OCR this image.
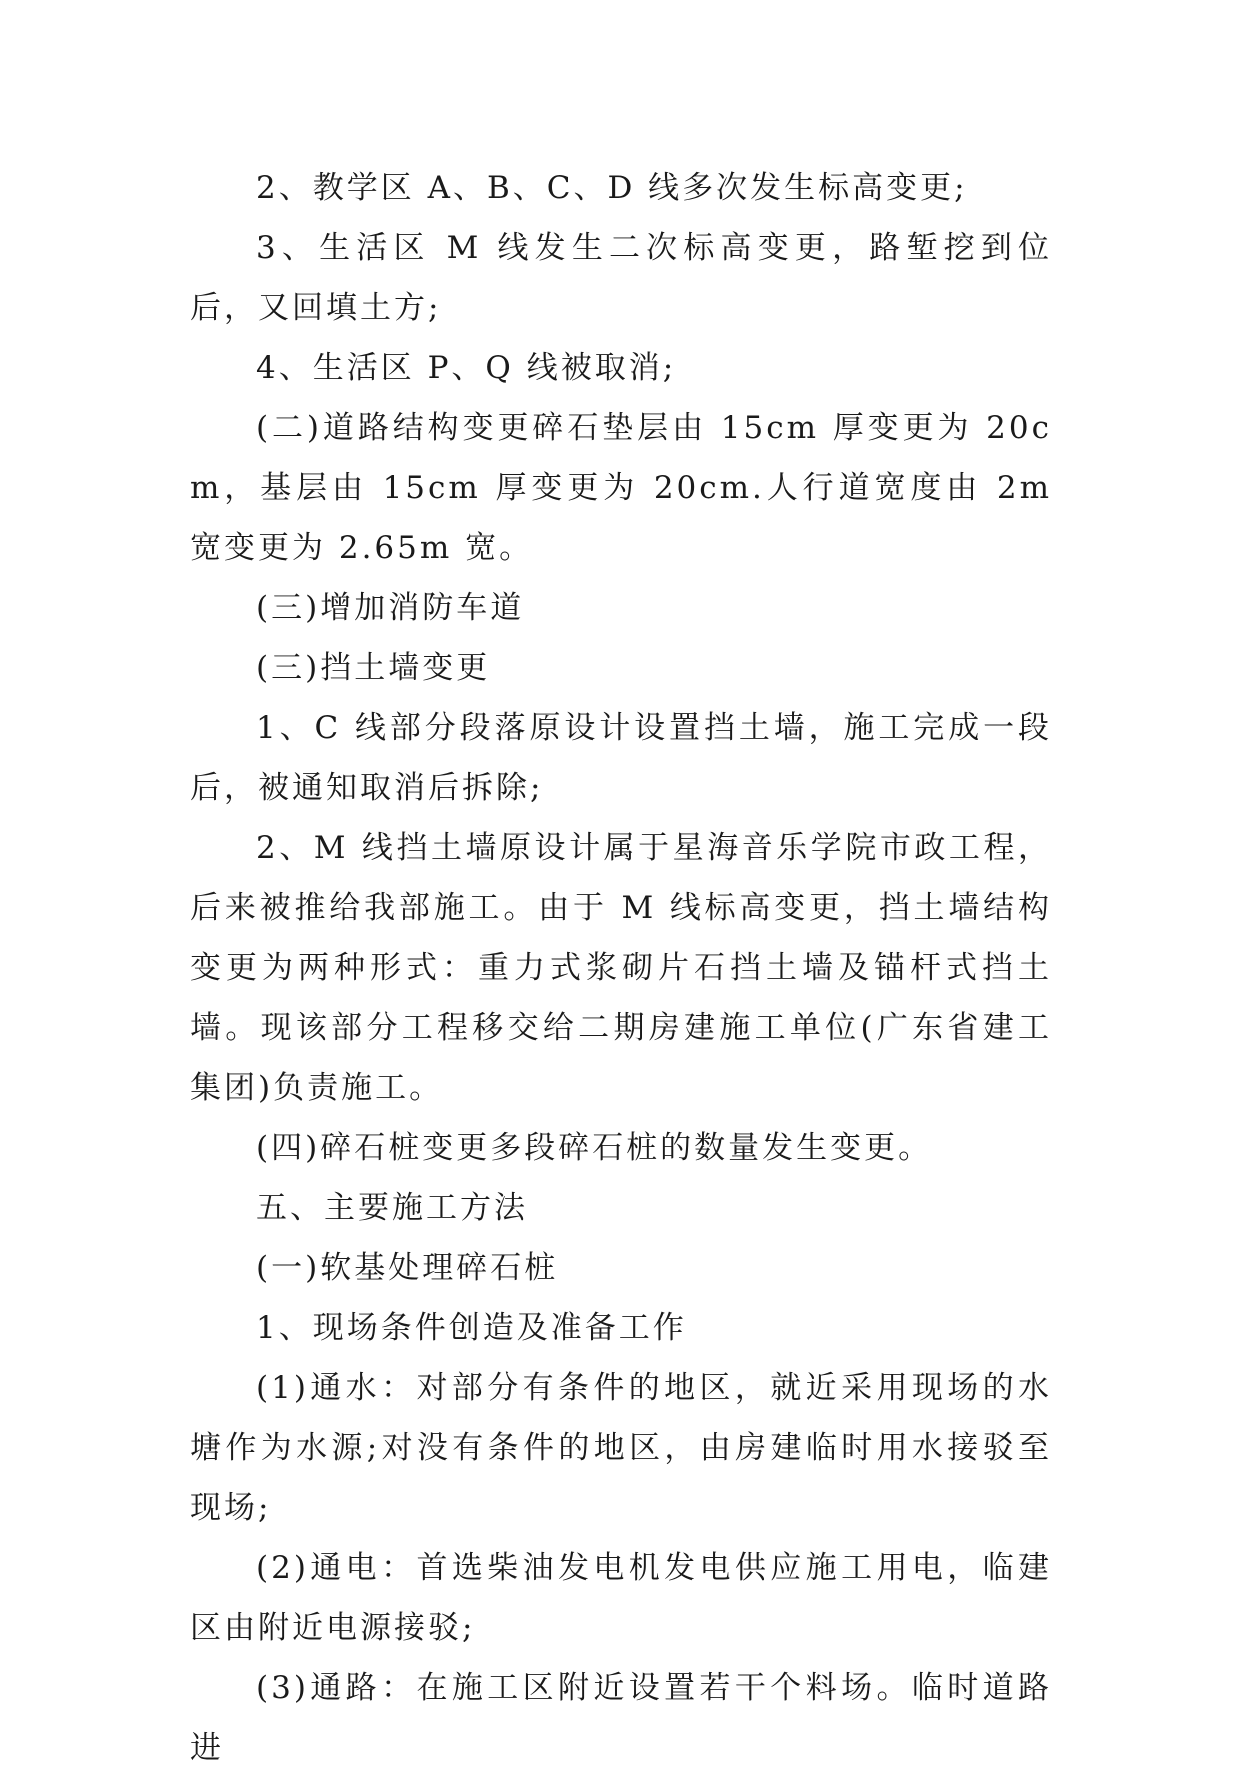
2、教学区 A、B、C、D 线多次发生标高变更;

3、生活区 M 线发生二次标高变更，路堑挖到位后，又回填土方;

4、生活区 P、Q 线被取消;

(二)道路结构变更碎石垫层由 15cm 厚变更为 20cm，基层由 15cm 厚变更为 20cm.人行道宽度由 2m 宽变更为 2.65m 宽。

(三)增加消防车道

(三)挡土墙变更

1、C 线部分段落原设计设置挡土墙，施工完成一段后，被通知取消后拆除;

2、M 线挡土墙原设计属于星海音乐学院市政工程，后来被推给我部施工。由于 M 线标高变更，挡土墙结构变更为两种形式：重力式浆砌片石挡土墙及锚杆式挡土墙。现该部分工程移交给二期房建施工单位(广东省建工集团)负责施工。

(四)碎石桩变更多段碎石桩的数量发生变更。

五、主要施工方法

(一)软基处理碎石桩

1、现场条件创造及准备工作

(1)通水：对部分有条件的地区，就近采用现场的水塘作为水源;对没有条件的地区，由房建临时用水接驳至现场;

(2)通电：首选柴油发电机发电供应施工用电，临建区由附近电源接驳;

(3)通路：在施工区附近设置若干个料场。临时道路进
